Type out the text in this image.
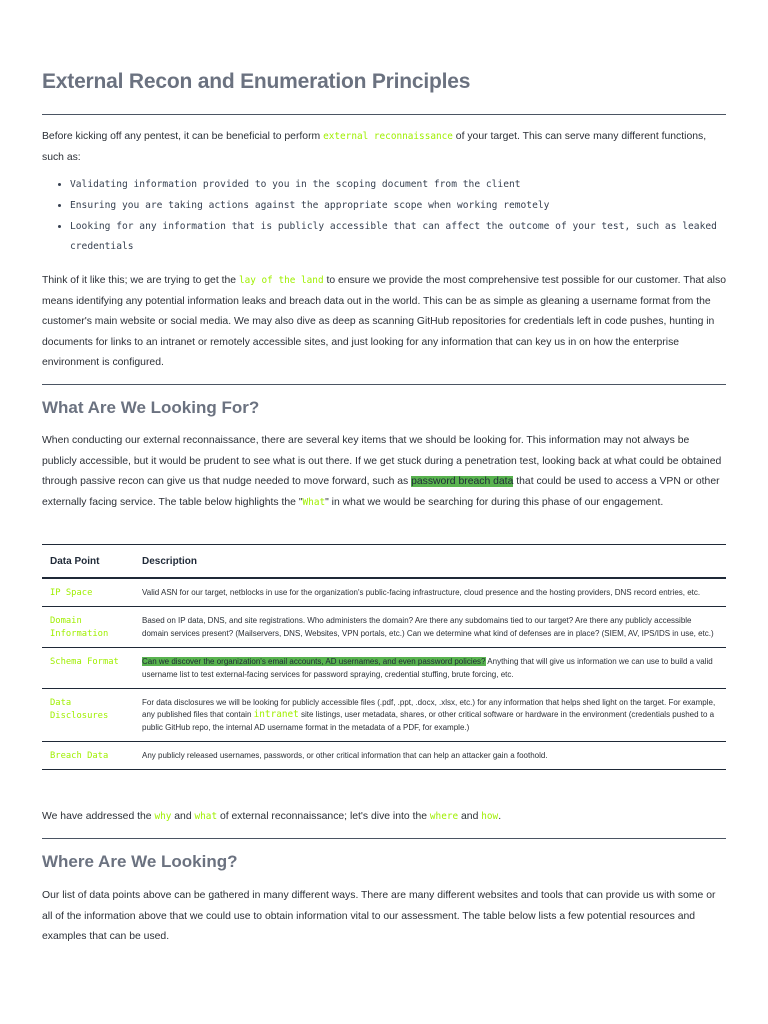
External Recon and Enumeration Principles

Before kicking off any pentest, it can be beneficial to perform external reconnaissance of your target. This can serve many different functions, such as:

• Validating information provided to you in the scoping document from the client
• Ensuring you are taking actions against the appropriate scope when working remotely
• Looking for any information that is publicly accessible that can affect the outcome of your test, such as leaked credentials

Think of it like this; we are trying to get the lay of the land to ensure we provide the most comprehensive test possible for our customer. That also means identifying any potential information leaks and breach data out in the world. This can be as simple as gleaning a username format from the customer's main website or social media. We may also dive as deep as scanning GitHub repositories for credentials left in code pushes, hunting in documents for links to an intranet or remotely accessible sites, and just looking for any information that can key us in on how the enterprise environment is configured.

What Are We Looking For?

When conducting our external reconnaissance, there are several key items that we should be looking for. This information may not always be publicly accessible, but it would be prudent to see what is out there. If we get stuck during a penetration test, looking back at what could be obtained through passive recon can give us that nudge needed to move forward, such as password breach data that could be used to access a VPN or other externally facing service. The table below highlights the "What" in what we would be searching for during this phase of our engagement.

Data Point	Description
IP Space	Valid ASN for our target, netblocks in use for the organization's public-facing infrastructure, cloud presence and the hosting providers, DNS record entries, etc.
Domain Information	Based on IP data, DNS, and site registrations. Who administers the domain? Are there any subdomains tied to our target? Are there any publicly accessible domain services present? (Mailservers, DNS, Websites, VPN portals, etc.) Can we determine what kind of defenses are in place? (SIEM, AV, IPS/IDS in use, etc.)
Schema Format	Can we discover the organization's email accounts, AD usernames, and even password policies? Anything that will give us information we can use to build a valid username list to test external-facing services for password spraying, credential stuffing, brute forcing, etc.
Data Disclosures	For data disclosures we will be looking for publicly accessible files (.pdf, .ppt, .docx, .xlsx, etc.) for any information that helps shed light on the target. For example, any published files that contain intranet site listings, user metadata, shares, or other critical software or hardware in the environment (credentials pushed to a public GitHub repo, the internal AD username format in the metadata of a PDF, for example.)
Breach Data	Any publicly released usernames, passwords, or other critical information that can help an attacker gain a foothold.

We have addressed the why and what of external reconnaissance; let's dive into the where and how.

Where Are We Looking?

Our list of data points above can be gathered in many different ways. There are many different websites and tools that can provide us with some or all of the information above that we could use to obtain information vital to our assessment. The table below lists a few potential resources and examples that can be used.
